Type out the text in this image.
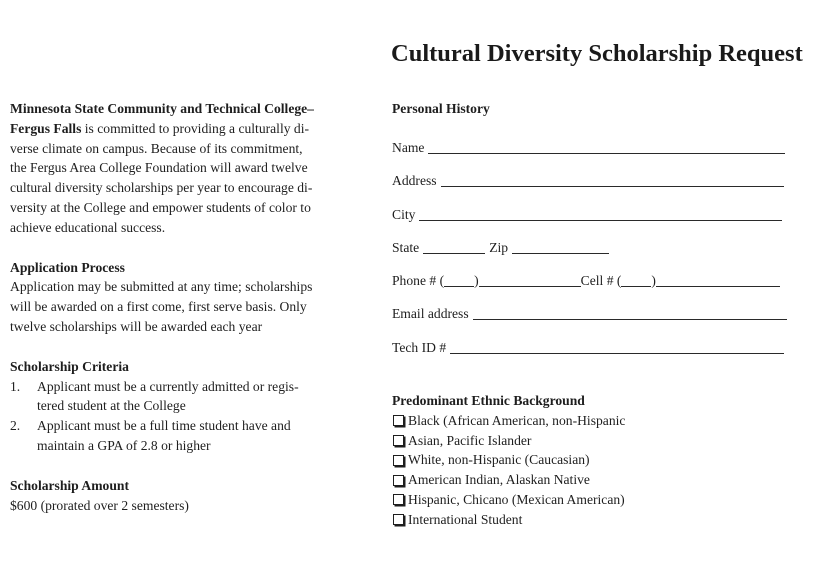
Cultural Diversity Scholarship Request

Minnesota State Community and Technical College–

Fergus Falls is committed to providing a culturally di-

verse climate on campus. Because of its commitment,

the Fergus Area College Foundation will award twelve

cultural diversity scholarships per year to encourage di-

versity at the College and empower students of color to

achieve educational success.

Application Process

Application may be submitted at any time; scholarships

will be awarded on a first come, first serve basis. Only

twelve scholarships will be awarded each year

Scholarship Criteria

1.	Applicant must be a currently admitted or regis-

tered student at the College

2.	Applicant must be a full time student have and

maintain a GPA of 2.8 or higher

Scholarship Amount

$600 (prorated over 2 semesters)

Personal History
Name
Address
City
State	Zip
Phone # ( )	Cell # ( )
Email address
Tech ID #
Predominant Ethnic Background
Black (African American, non-Hispanic
Asian, Pacific Islander
White, non-Hispanic (Caucasian)
American Indian, Alaskan Native
Hispanic, Chicano (Mexican American)
International Student
